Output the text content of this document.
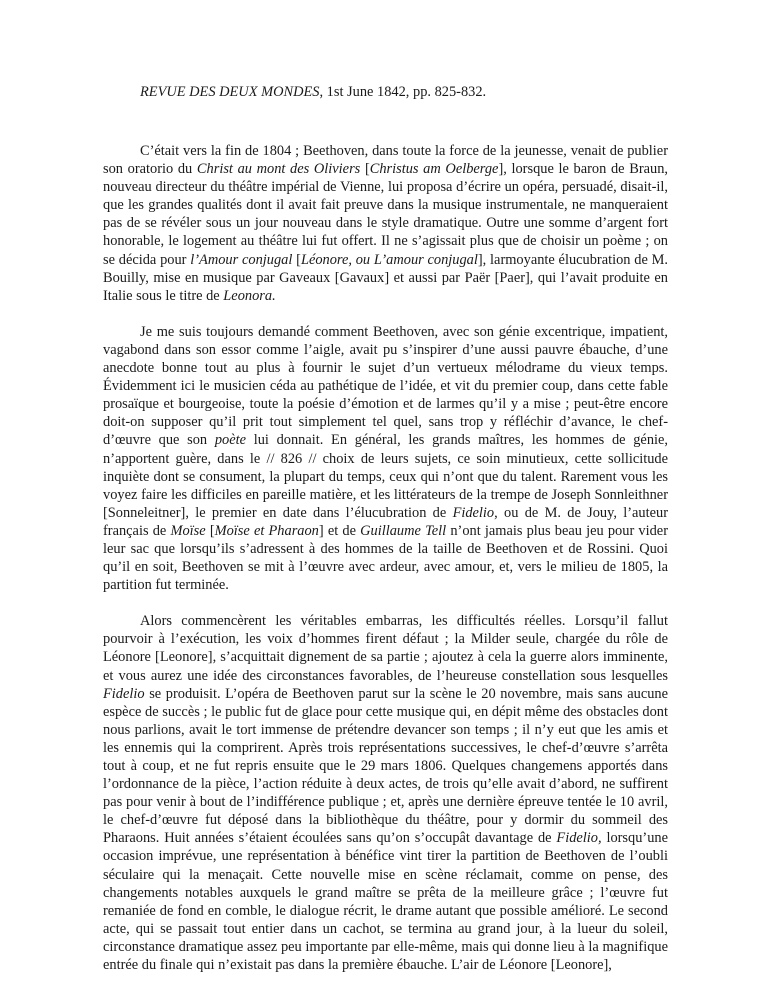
REVUE DES DEUX MONDES, 1st June 1842, pp. 825-832.

C’était vers la fin de 1804 ; Beethoven, dans toute la force de la jeunesse, venait de publier son oratorio du Christ au mont des Oliviers [Christus am Oelberge], lorsque le baron de Braun, nouveau directeur du théâtre impérial de Vienne, lui proposa d’écrire un opéra, persuadé, disait-il, que les grandes qualités dont il avait fait preuve dans la musique instrumentale, ne manqueraient pas de se révéler sous un jour nouveau dans le style dramatique. Outre une somme d’argent fort honorable, le logement au théâtre lui fut offert. Il ne s’agissait plus que de choisir un poème ; on se décida pour l’Amour conjugal [Léonore, ou L’amour conjugal], larmoyante élucubration de M. Bouilly, mise en musique par Gaveaux [Gavaux] et aussi par Paër [Paer], qui l’avait produite en Italie sous le titre de Leonora.

Je me suis toujours demandé comment Beethoven, avec son génie excentrique, impatient, vagabond dans son essor comme l’aigle, avait pu s’inspirer d’une aussi pauvre ébauche, d’une anecdote bonne tout au plus à fournir le sujet d’un vertueux mélodrame du vieux temps. Évidemment ici le musicien céda au pathétique de l’idée, et vit du premier coup, dans cette fable prosaïque et bourgeoise, toute la poésie d’émotion et de larmes qu’il y a mise ; peut-être encore doit-on supposer qu’il prit tout simplement tel quel, sans trop y réfléchir d’avance, le chef-d’œuvre que son poète lui donnait. En général, les grands maîtres, les hommes de génie, n’apportent guère, dans le // 826 // choix de leurs sujets, ce soin minutieux, cette sollicitude inquiète dont se consument, la plupart du temps, ceux qui n’ont que du talent. Rarement vous les voyez faire les difficiles en pareille matière, et les littérateurs de la trempe de Joseph Sonnleithner [Sonneleitner], le premier en date dans l’élucubration de Fidelio, ou de M. de Jouy, l’auteur français de Moïse [Moïse et Pharaon] et de Guillaume Tell n’ont jamais plus beau jeu pour vider leur sac que lorsqu’ils s’adressent à des hommes de la taille de Beethoven et de Rossini. Quoi qu’il en soit, Beethoven se mit à l’œuvre avec ardeur, avec amour, et, vers le milieu de 1805, la partition fut terminée.

Alors commencèrent les véritables embarras, les difficultés réelles. Lorsqu’il fallut pourvoir à l’exécution, les voix d’hommes firent défaut ; la Milder seule, chargée du rôle de Léonore [Leonore], s’acquittait dignement de sa partie ; ajoutez à cela la guerre alors imminente, et vous aurez une idée des circonstances favorables, de l’heureuse constellation sous lesquelles Fidelio se produisit. L’opéra de Beethoven parut sur la scène le 20 novembre, mais sans aucune espèce de succès ; le public fut de glace pour cette musique qui, en dépit même des obstacles dont nous parlions, avait le tort immense de prétendre devancer son temps ; il n’y eut que les amis et les ennemis qui la comprirent. Après trois représentations successives, le chef-d’œuvre s’arrêta tout à coup, et ne fut repris ensuite que le 29 mars 1806. Quelques changemens apportés dans l’ordonnance de la pièce, l’action réduite à deux actes, de trois qu’elle avait d’abord, ne suffirent pas pour venir à bout de l’indifférence publique ; et, après une dernière épreuve tentée le 10 avril, le chef-d’œuvre fut déposé dans la bibliothèque du théâtre, pour y dormir du sommeil des Pharaons. Huit années s’étaient écoulées sans qu’on s’occupât davantage de Fidelio, lorsqu’une occasion imprévue, une représentation à bénéfice vint tirer la partition de Beethoven de l’oubli séculaire qui la menaçait. Cette nouvelle mise en scène réclamait, comme on pense, des changements notables auxquels le grand maître se prêta de la meilleure grâce ; l’œuvre fut remaniée de fond en comble, le dialogue récrit, le drame autant que possible amélioré. Le second acte, qui se passait tout entier dans un cachot, se termina au grand jour, à la lueur du soleil, circonstance dramatique assez peu importante par elle-même, mais qui donne lieu à la magnifique entrée du finale qui n’existait pas dans la première ébauche. L’air de Léonore [Leonore],
